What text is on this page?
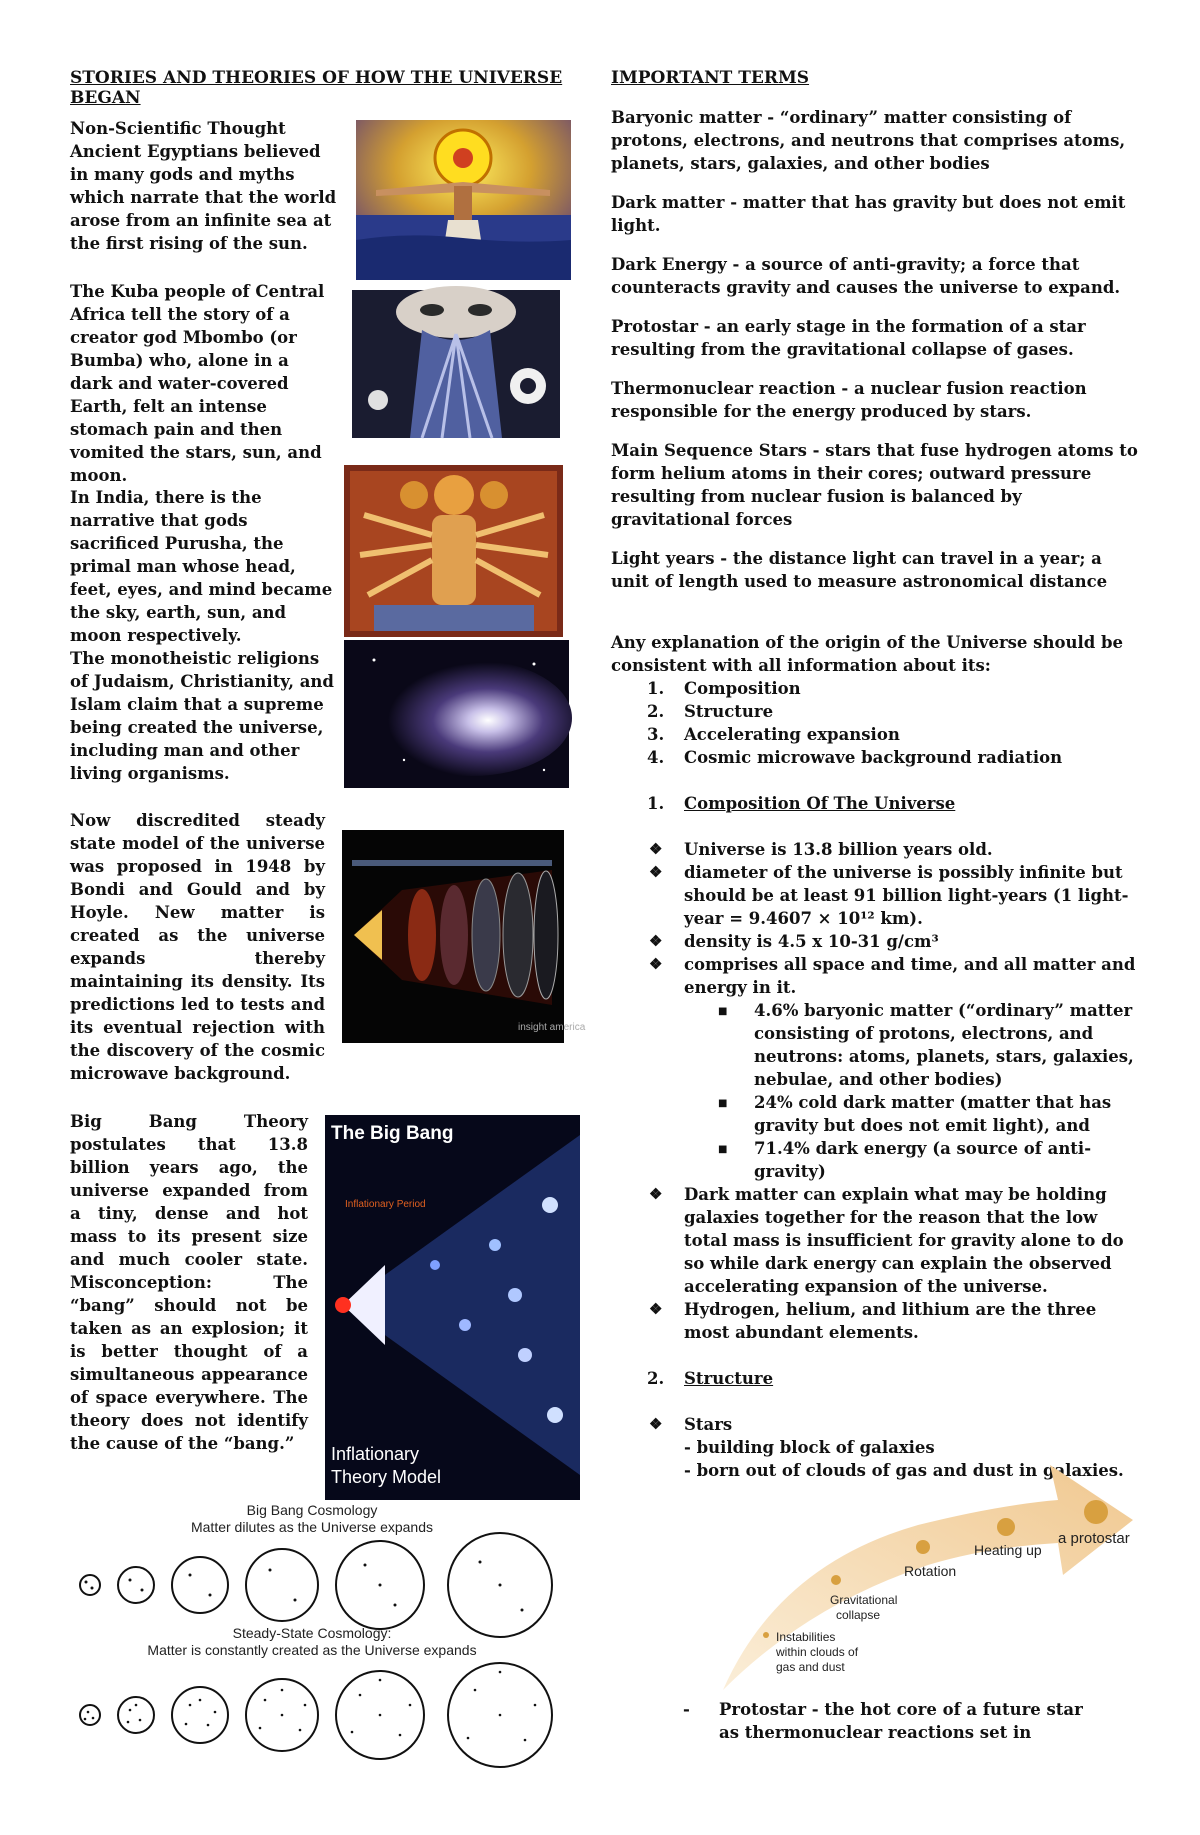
STORIES AND THEORIES OF HOW THE UNIVERSE BEGAN

Non-Scientific Thought

Ancient Egyptians believed in many gods and myths which narrate that the world arose from an infinite sea at the first rising of the sun.

The Kuba people of Central Africa tell the story of a creator god Mbombo (or Bumba) who, alone in a dark and water-covered Earth, felt an intense stomach pain and then vomited the stars, sun, and moon.

In India, there is the narrative that gods sacrificed Purusha, the primal man whose head, feet, eyes, and mind became the sky, earth, sun, and moon respectively.

The monotheistic religions of Judaism, Christianity, and Islam claim that a supreme being created the universe, including man and other living organisms.

Now discredited steady state model of the universe was proposed in 1948 by Bondi and Gould and by Hoyle. New matter is created as the universe expands thereby maintaining its density. Its predictions led to tests and its eventual rejection with the discovery of the cosmic microwave background.

insight america

Big Bang Theory postulates that 13.8 billion years ago, the universe expanded from a tiny, dense and hot mass to its present size and much cooler state. Misconception: The “bang” should not be taken as an explosion; it is better thought of a simultaneous appearance of space everywhere. The theory does not identify the cause of the “bang.”

The Big Bang
Inflationary Period
Inflationary
Theory Model
Big Bang Cosmology
Matter dilutes as the Universe expands
Steady-State Cosmology:
Matter is constantly created as the Universe expands
IMPORTANT TERMS

Baryonic matter - “ordinary” matter consisting of protons, electrons, and neutrons that comprises atoms, planets, stars, galaxies, and other bodies

Dark matter - matter that has gravity but does not emit light.

Dark Energy - a source of anti-gravity; a force that counteracts gravity and causes the universe to expand.

Protostar - an early stage in the formation of a star resulting from the gravitational collapse of gases.

Thermonuclear reaction - a nuclear fusion reaction responsible for the energy produced by stars.

Main Sequence Stars - stars that fuse hydrogen atoms to form helium atoms in their cores; outward pressure resulting from nuclear fusion is balanced by gravitational forces

Light years - the distance light can travel in a year; a unit of length used to measure astronomical distance

Any explanation of the origin of the Universe should be consistent with all information about its:

1. Composition
2. Structure
3. Accelerating expansion
4. Cosmic microwave background radiation
1. Composition Of The Universe
❖ Universe is 13.8 billion years old.
❖ diameter of the universe is possibly infinite but should be at least 91 billion light-years (1 light-year = 9.4607 × 10¹² km).
❖ density is 4.5 x 10-31 g/cm³
❖ comprises all space and time, and all matter and energy in it.
■ 4.6% baryonic matter (“ordinary” matter consisting of protons, electrons, and neutrons: atoms, planets, stars, galaxies, nebulae, and other bodies)
■ 24% cold dark matter (matter that has gravity but does not emit light), and
■ 71.4% dark energy (a source of anti-gravity)
❖ Dark matter can explain what may be holding galaxies together for the reason that the low total mass is insufficient for gravity alone to do so while dark energy can explain the observed accelerating expansion of the universe.
❖ Hydrogen, helium, and lithium are the three most abundant elements.
2. Structure
❖ Stars
- building block of galaxies
- born out of clouds of gas and dust in galaxies.
Instabilities
within clouds of
gas and dust
Gravitational
collapse
Rotation
Heating up
a protostar
-	Protostar - the hot core of a future star as thermonuclear reactions set in
